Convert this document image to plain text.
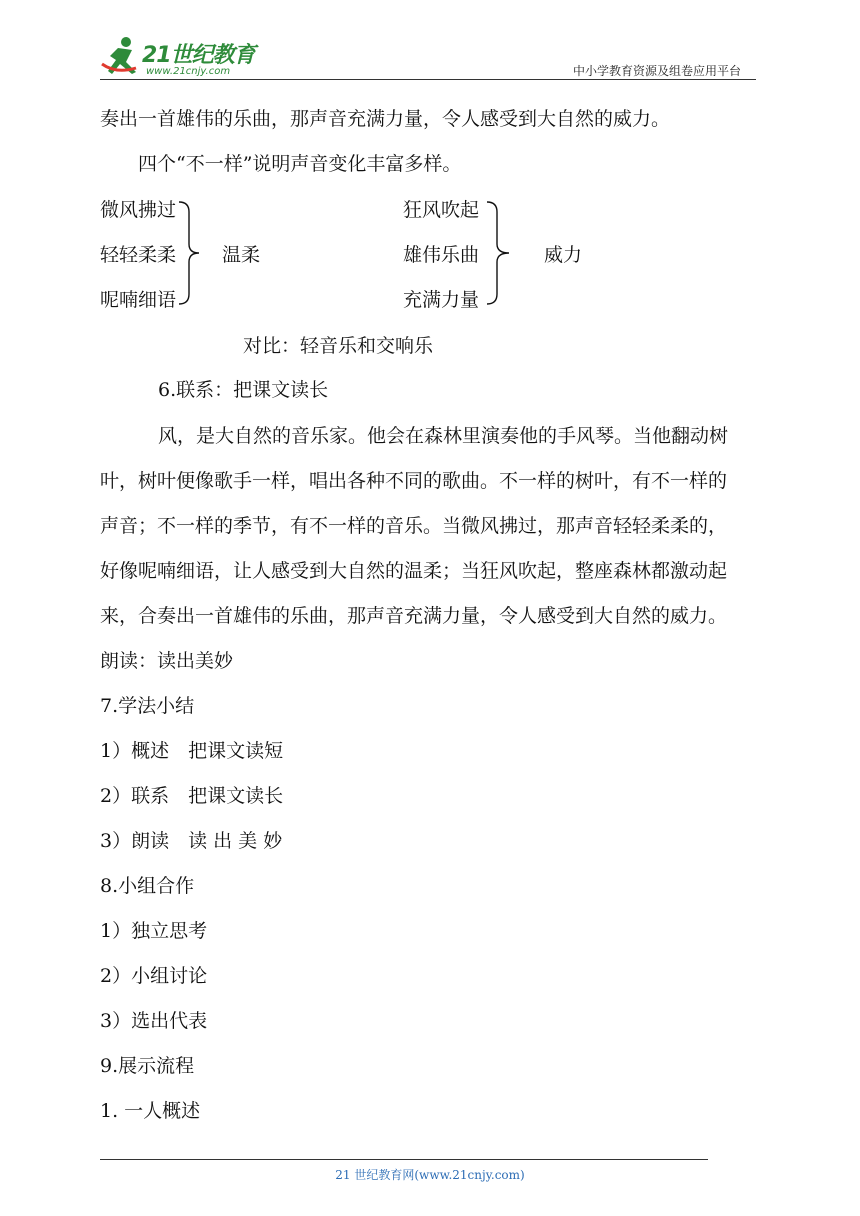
21世纪教育
www.21cnjy.com	中小学教育资源及组卷应用平台
奏出一首雄伟的乐曲，那声音充满力量，令人感受到大自然的威力。
四个“不一样”说明声音变化丰富多样。
微风拂过
轻轻柔柔
呢喃细语
温柔
狂风吹起
雄伟乐曲
充满力量
威力
对比：轻音乐和交响乐
6.联系：把课文读长
风，是大自然的音乐家。他会在森林里演奏他的手风琴。当他翻动树
叶，树叶便像歌手一样，唱出各种不同的歌曲。不一样的树叶，有不一样的
声音；不一样的季节，有不一样的音乐。当微风拂过，那声音轻轻柔柔的，
好像呢喃细语，让人感受到大自然的温柔；当狂风吹起，整座森林都激动起
来，合奏出一首雄伟的乐曲，那声音充满力量，令人感受到大自然的威力。
朗读：读出美妙
7.学法小结
1）概述　把课文读短
2）联系　把课文读长
3）朗读　读 出 美 妙
8.小组合作
1）独立思考
2）小组讨论
3）选出代表
9.展示流程
1. 一人概述
21 世纪教育网(www.21cnjy.com)
